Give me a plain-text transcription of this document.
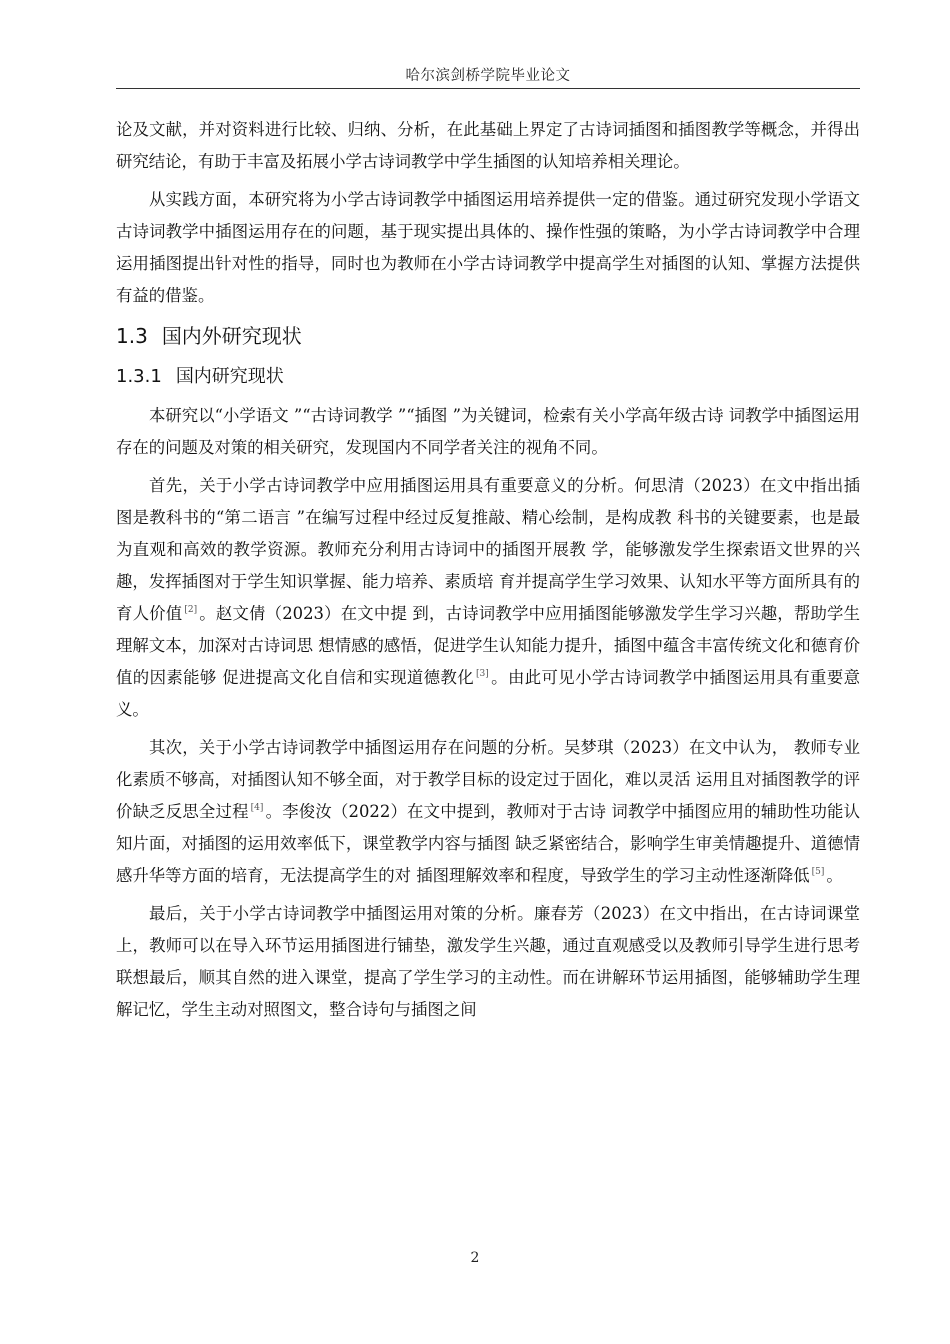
哈尔滨剑桥学院毕业论文

论及文献，并对资料进行比较、归纳、分析，在此基础上界定了古诗词插图和插图教学等概念，并得出研究结论，有助于丰富及拓展小学古诗词教学中学生插图的认知培养相关理论。

从实践方面，本研究将为小学古诗词教学中插图运用培养提供一定的借鉴。通过研究发现小学语文古诗词教学中插图运用存在的问题，基于现实提出具体的、操作性强的策略，为小学古诗词教学中合理运用插图提出针对性的指导，同时也为教师在小学古诗词教学中提高学生对插图的认知、掌握方法提供有益的借鉴。

1.3 国内外研究现状
1.3.1 国内研究现状

本研究以“小学语文 ”“古诗词教学 ”“插图 ”为关键词，检索有关小学高年级古诗 词教学中插图运用存在的问题及对策的相关研究，发现国内不同学者关注的视角不同。

首先，关于小学古诗词教学中应用插图运用具有重要意义的分析。何思清（2023）在文中指出插图是教科书的“第二语言 ”在编写过程中经过反复推敲、精心绘制，是构成教 科书的关键要素，也是最为直观和高效的教学资源。教师充分利用古诗词中的插图开展教 学，能够激发学生探索语文世界的兴趣，发挥插图对于学生知识掌握、能力培养、素质培 育并提高学生学习效果、认知水平等方面所具有的育人价值 [2] 。赵文倩（2023）在文中提 到，古诗词教学中应用插图能够激发学生学习兴趣，帮助学生理解文本，加深对古诗词思 想情感的感悟，促进学生认知能力提升，插图中蕴含丰富传统文化和德育价值的因素能够 促进提高文化自信和实现道德教化 [3] 。由此可见小学古诗词教学中插图运用具有重要意义。

其次，关于小学古诗词教学中插图运用存在问题的分析。吴梦琪（2023）在文中认为， 教师专业化素质不够高，对插图认知不够全面，对于教学目标的设定过于固化，难以灵活 运用且对插图教学的评价缺乏反思全过程 [4] 。李俊汝（2022）在文中提到，教师对于古诗 词教学中插图应用的辅助性功能认知片面，对插图的运用效率低下，课堂教学内容与插图 缺乏紧密结合，影响学生审美情趣提升、道德情感升华等方面的培育，无法提高学生的对 插图理解效率和程度，导致学生的学习主动性逐渐降低 [5] 。

最后，关于小学古诗词教学中插图运用对策的分析。廉春芳（2023）在文中指出，在古诗词课堂上，教师可以在导入环节运用插图进行铺垫，激发学生兴趣，通过直观感受以及教师引导学生进行思考联想最后，顺其自然的进入课堂，提高了学生学习的主动性。而在讲解环节运用插图，能够辅助学生理解记忆，学生主动对照图文，整合诗句与插图之间

2
